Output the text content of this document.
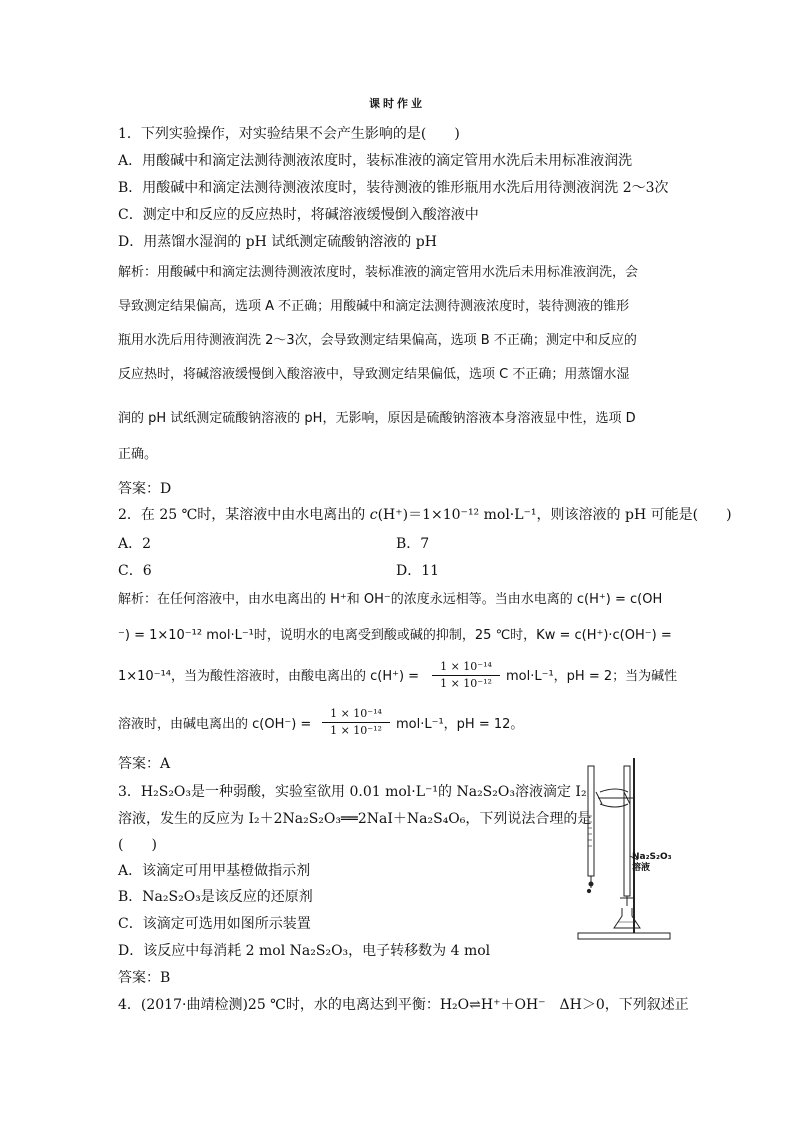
课时作业
1．下列实验操作，对实验结果不会产生影响的是(　　)
A．用酸碱中和滴定法测待测液浓度时，装标准液的滴定管用水洗后未用标准液润洗
B．用酸碱中和滴定法测待测液浓度时，装待测液的锥形瓶用水洗后用待测液润洗 2～3次
C．测定中和反应的反应热时，将碱溶液缓慢倒入酸溶液中
D．用蒸馏水湿润的 pH 试纸测定硫酸钠溶液的 pH
解析：用酸碱中和滴定法测待测液浓度时，装标准液的滴定管用水洗后未用标准液润洗，会
导致测定结果偏高，选项 A 不正确；用酸碱中和滴定法测待测液浓度时，装待测液的锥形
瓶用水洗后用待测液润洗 2～3次，会导致测定结果偏高，选项 B 不正确；测定中和反应的
反应热时，将碱溶液缓慢倒入酸溶液中，导致测定结果偏低，选项 C 不正确；用蒸馏水湿
润的 pH 试纸测定硫酸钠溶液的 pH，无影响，原因是硫酸钠溶液本身溶液显中性，选项 D
正确。
答案：D
2．在 25 ℃时，某溶液中由水电离出的 c(H⁺)＝1×10⁻¹² mol·L⁻¹，则该溶液的 pH 可能是(　　)
A．2	B．7
C．6	D．11
解析：在任何溶液中，由水电离出的 H⁺和 OH⁻的浓度永远相等。当由水电离的 c(H⁺) = c(OH
⁻) = 1×10⁻¹² mol·L⁻¹时，说明水的电离受到酸或碱的抑制，25 ℃时，Kw = c(H⁺)·c(OH⁻) =
1×10⁻¹⁴，当为酸性溶液时，由酸电离出的 c(H⁺) =
1 × 10⁻¹⁴
1 × 10⁻¹²	mol·L⁻¹，pH = 2；当为碱性
溶液时，由碱电离出的 c(OH⁻) =
1 × 10⁻¹⁴
1 × 10⁻¹²	mol·L⁻¹，pH = 12。
答案：A
3．H₂S₂O₃是一种弱酸，实验室欲用 0.01 mol·L⁻¹的 Na₂S₂O₃溶液滴定 I₂
溶液，发生的反应为 I₂＋2Na₂S₂O₃══2NaI＋Na₂S₄O₆，下列说法合理的是
(　　)
A．该滴定可用甲基橙做指示剂
B．Na₂S₂O₃是该反应的还原剂
C．该滴定可选用如图所示装置
D．该反应中每消耗 2 mol Na₂S₂O₃，电子转移数为 4 mol
答案：B
Na₂S₂O₃
溶液
4．(2017·曲靖检测)25 ℃时，水的电离达到平衡：H₂O⇌H⁺＋OH⁻　ΔH＞0，下列叙述正
